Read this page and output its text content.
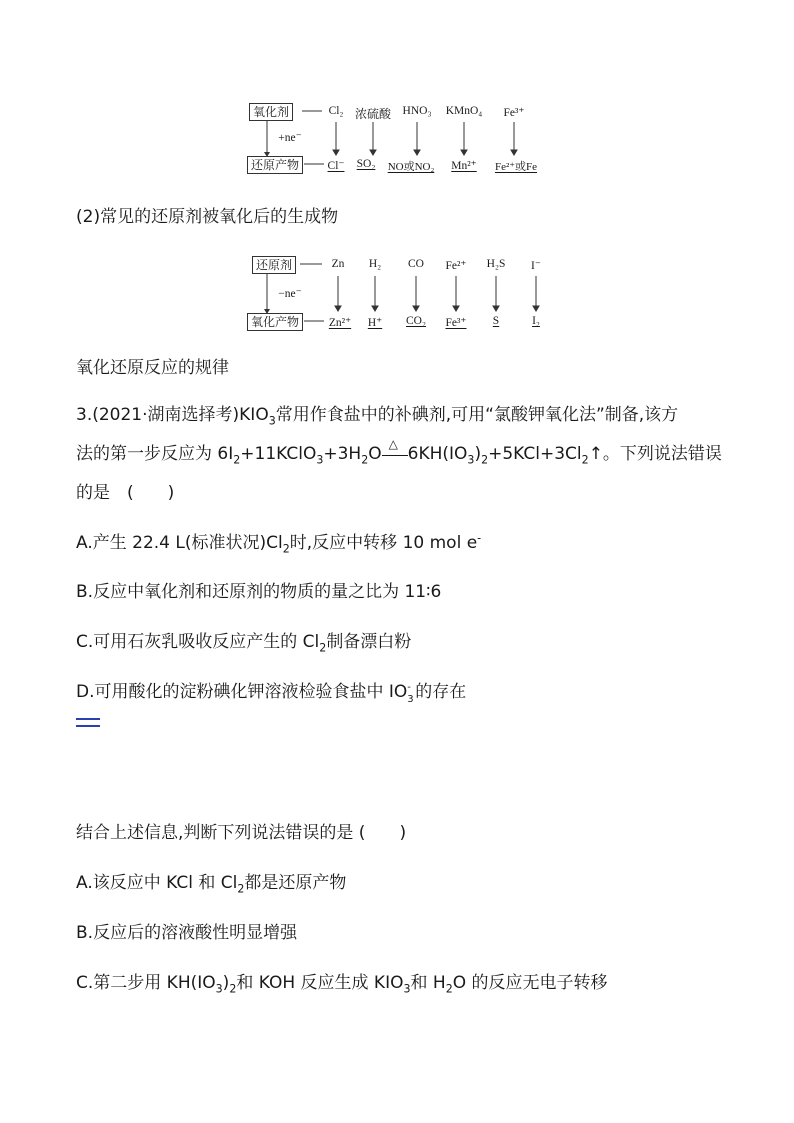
氧化剂
还原产物
+ne⁻
Cl₂ 浓硫酸 HNO₃ KMnO₄ Fe³⁺
Cl⁻ SO₂ NO或NO₂ Mn²⁺ Fe²⁺或Fe
(2)常见的还原剂被氧化后的生成物
还原剂
氧化产物
−ne⁻
Zn H₂ CO Fe²⁺ H₂S I⁻
Zn²⁺ H⁺ CO₂ Fe³⁺ S	I₂
氧化还原反应的规律
3.(2021·湖南选择考)$KIO_3$常用作食盐中的补碘剂,可用“氯酸钾氧化法”制备,该方
法的第一步反应为 $6I_2+11KClO_3+3H_2O$ △ $6KH(IO_3)_2+5KCl+3Cl_2↑$。下列说法错误
的是　(　　)
A.产生 22.4 L(标准状况)$Cl_2$时,反应中转移 10 mol e-
B.反应中氧化剂和还原剂的物质的量之比为 11∶6
C.可用石灰乳吸收反应产生的 $Cl_2$制备漂白粉
D.可用酸化的淀粉碘化钾溶液检验食盐中 IO -
3 的存在
结合上述信息,判断下列说法错误的是 (　　)
A.该反应中 KCl 和 $Cl_2$都是还原产物
B.反应后的溶液酸性明显增强
C.第二步用 $KH(IO_3)_2$和 KOH 反应生成 $KIO_3$和 $H_2O$ 的反应无电子转移
